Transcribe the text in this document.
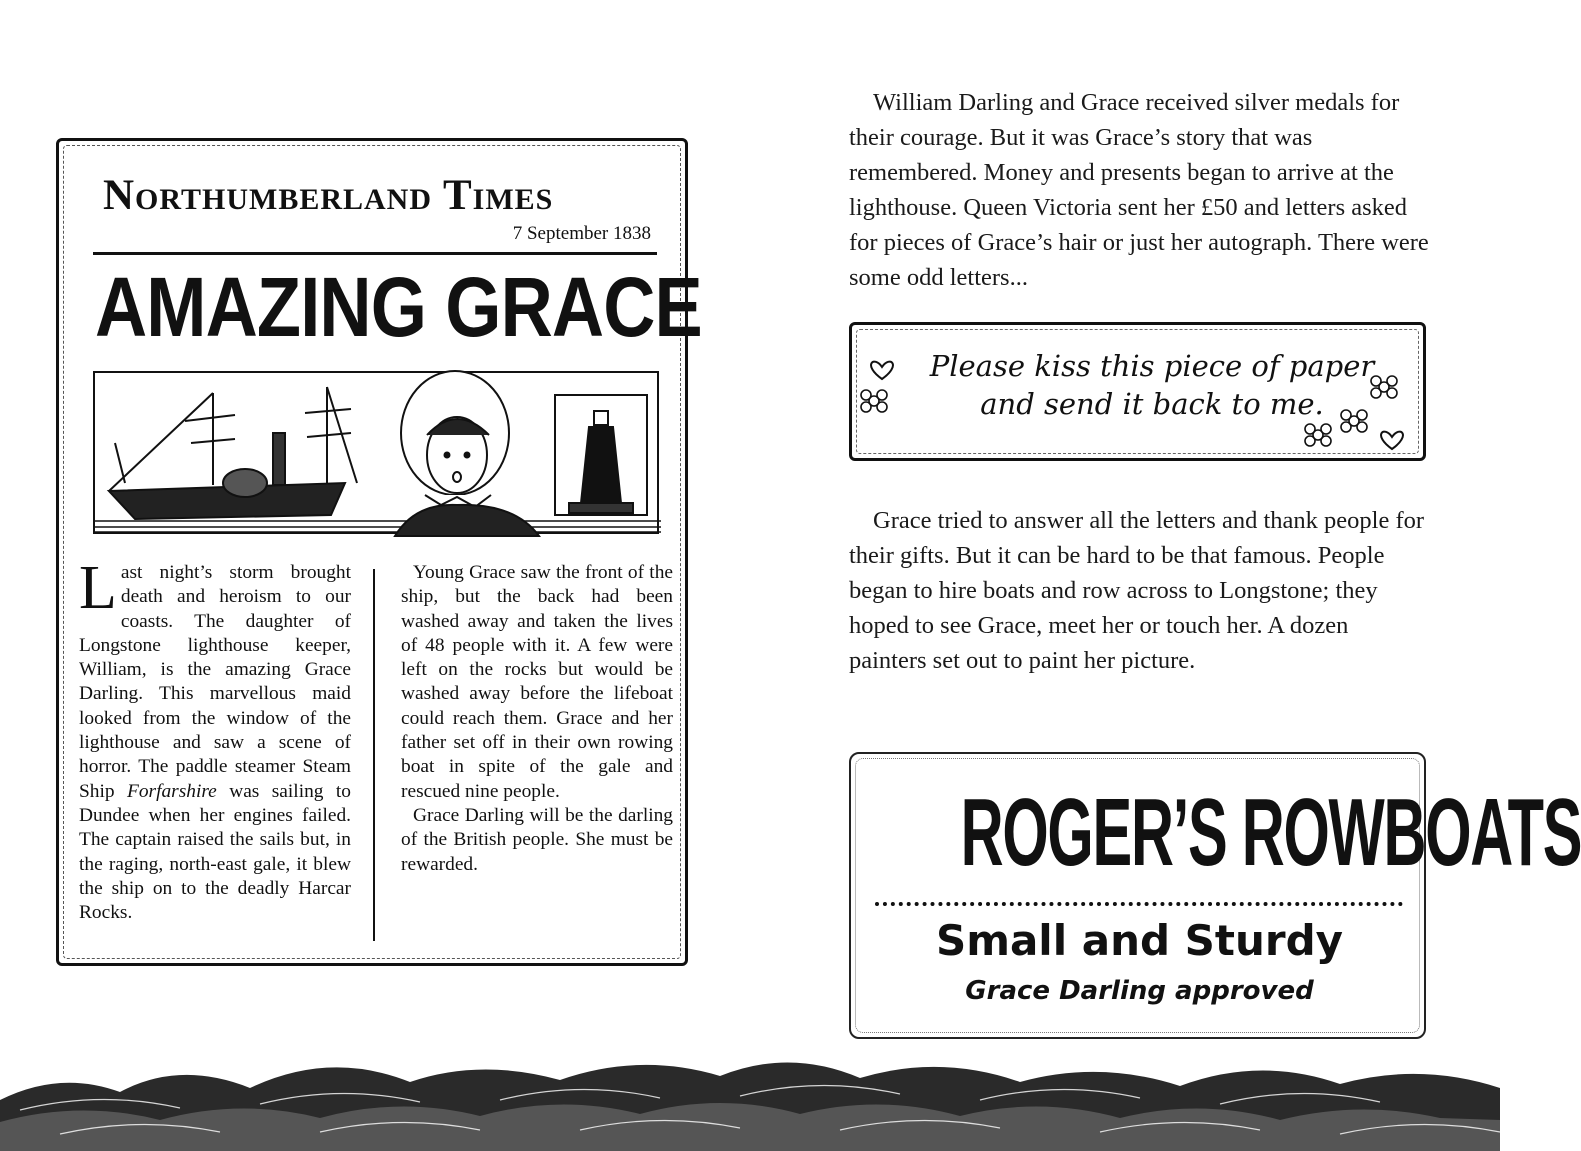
Northumberland Times
7 September 1838
AMAZING GRACE

Last night’s storm brought death and heroism to our coasts. The daughter of Longstone lighthouse keeper, William, is the amazing Grace Darling. This marvellous maid looked from the window of the lighthouse and saw a scene of horror. The paddle steamer Steam Ship Forfarshire was sailing to Dundee when her engines failed. The captain raised the sails but, in the raging, north-east gale, it blew the ship on to the deadly Harcar Rocks.

Young Grace saw the front of the ship, but the back had been washed away and taken the lives of 48 people with it. A few were left on the rocks but would be washed away before the lifeboat could reach them. Grace and her father set off in their own rowing boat in spite of the gale and rescued nine people.

Grace Darling will be the darling of the British people. She must be rewarded.

William Darling and Grace received silver medals for their courage. But it was Grace’s story that was remembered. Money and presents began to arrive at the lighthouse. Queen Victoria sent her £50 and letters asked for pieces of Grace’s hair or just her autograph. There were some odd letters...
Please kiss this piece of paper
and send it back to me.
Grace tried to answer all the letters and thank people for their gifts. But it can be hard to be that famous. People began to hire boats and row across to Longstone; they hoped to see Grace, meet her or touch her. A dozen painters set out to paint her picture.
ROGER’S ROWBOATS
Small and Sturdy
Grace Darling approved
